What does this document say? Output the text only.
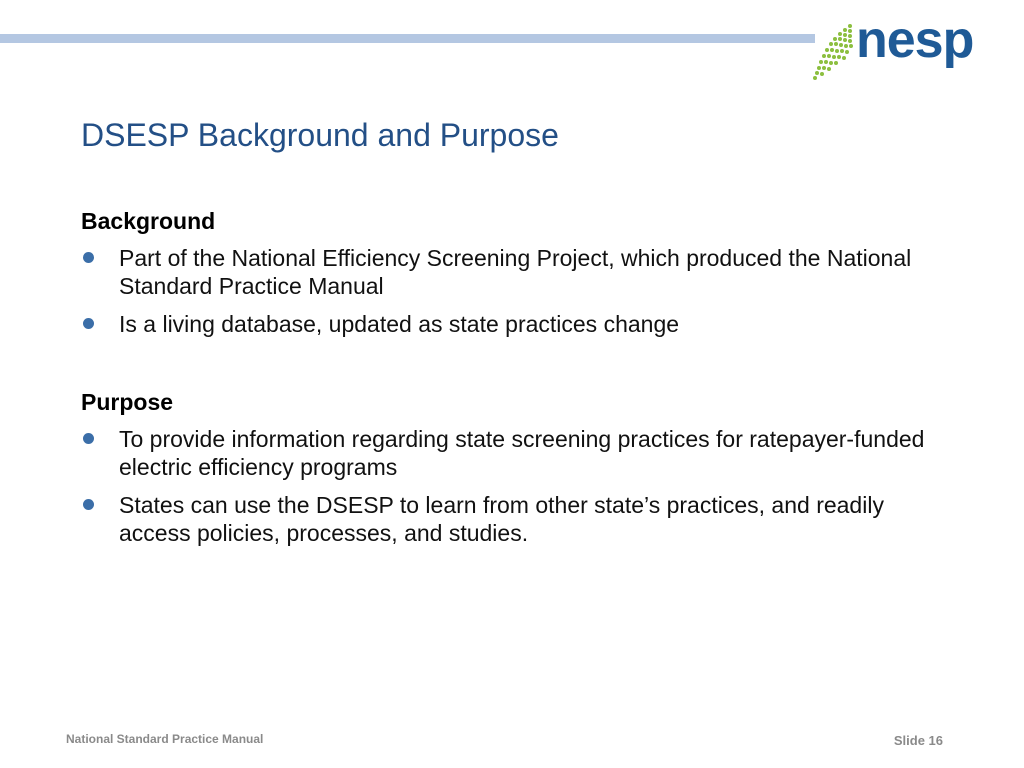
nesp
DSESP Background and Purpose
Background
Part of the National Efficiency Screening Project, which produced the National Standard Practice Manual
Is a living database, updated as state practices change
Purpose
To provide information regarding state screening practices for ratepayer-funded electric efficiency programs
States can use the DSESP to learn from other state’s practices, and readily access policies, processes, and studies.
National Standard Practice Manual	Slide 16
